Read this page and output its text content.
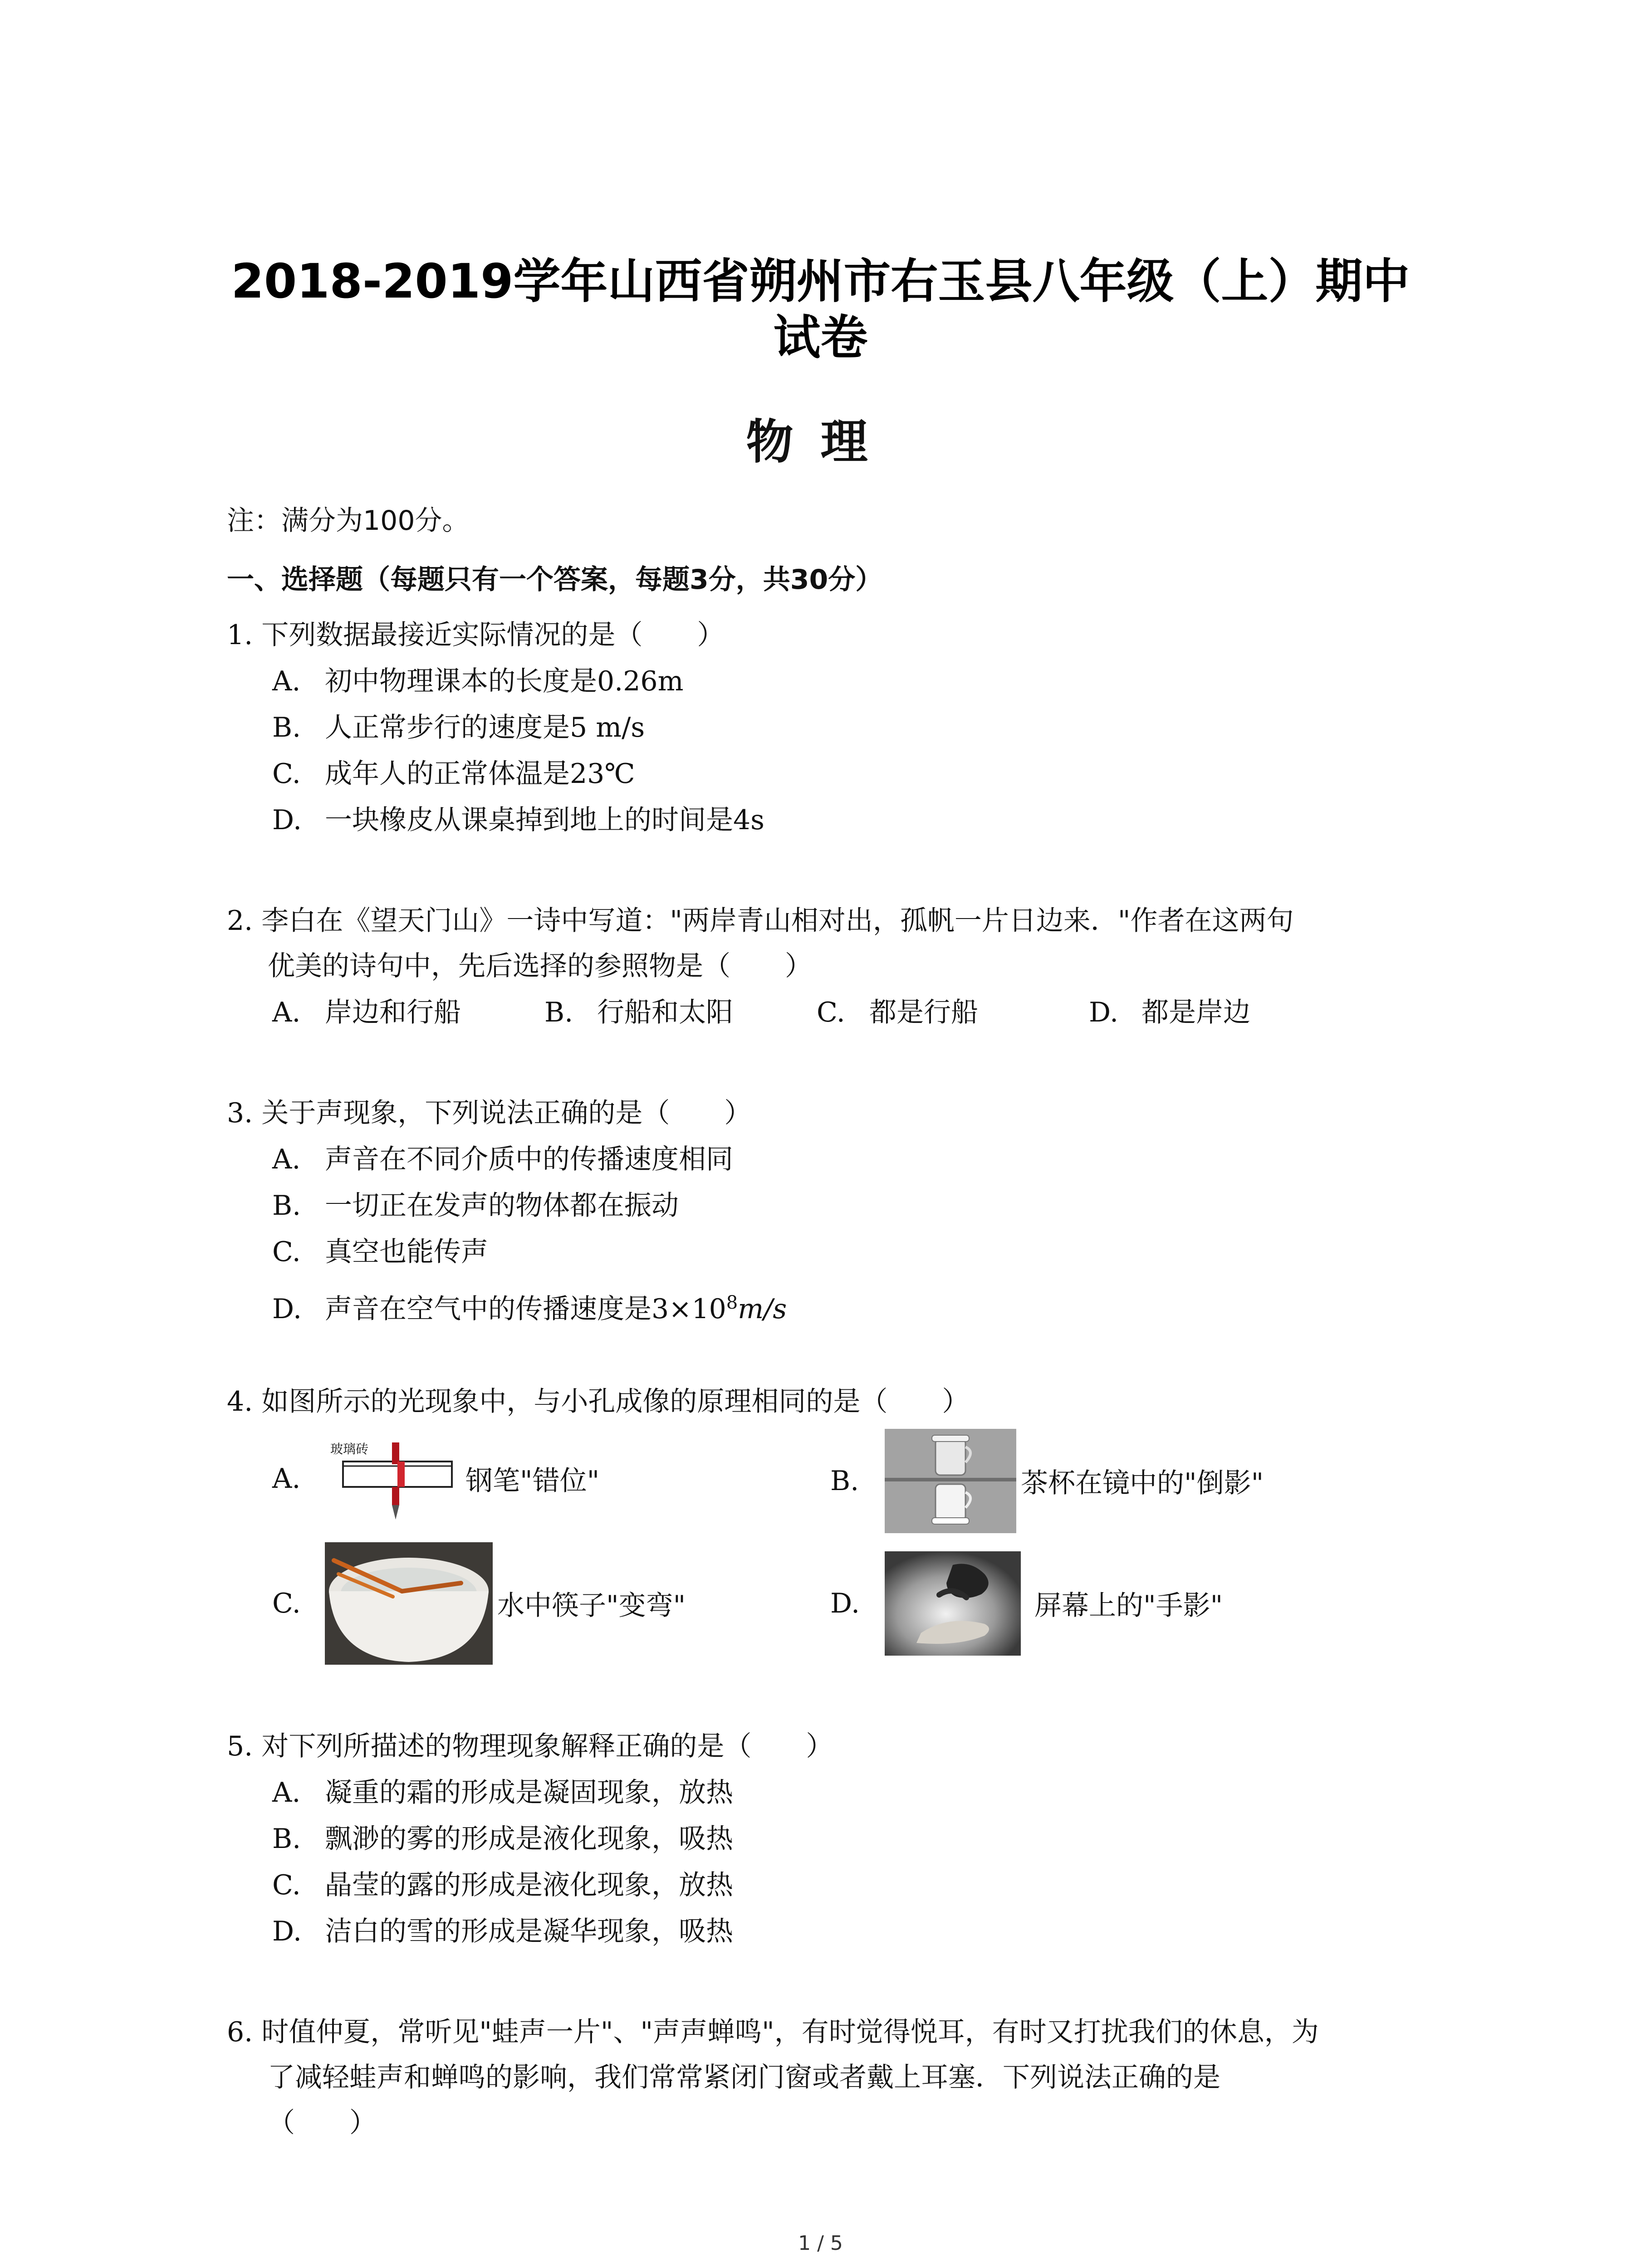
2018-2019学年山西省朔州市右玉县八年级（上）期中
试卷
物理
注：满分为100分。
一、选择题（每题只有一个答案，每题3分，共30分）
1. 下列数据最接近实际情况的是（　　）
A. 初中物理课本的长度是0.26m
B. 人正常步行的速度是5 m/s
C. 成年人的正常体温是23℃
D. 一块橡皮从课桌掉到地上的时间是4s
2. 李白在《望天门山》一诗中写道："两岸青山相对出，孤帆一片日边来．"作者在这两句
优美的诗句中，先后选择的参照物是（　　）
A. 岸边和行船	B. 行船和太阳	C. 都是行船	D. 都是岸边
3. 关于声现象，下列说法正确的是（　　）
A. 声音在不同介质中的传播速度相同
B. 一切正在发声的物体都在振动
C. 真空也能传声
D. 声音在空气中的传播速度是$3\times 10^8m/s$
4. 如图所示的光现象中，与小孔成像的原理相同的是（　　）
A.
玻璃砖
钢笔"错位"	B.	茶杯在镜中的"倒影"
C.	水中筷子"变弯"	D.	屏幕上的"手影"
5. 对下列所描述的物理现象解释正确的是（　　）
A. 凝重的霜的形成是凝固现象，放热
B. 飘渺的雾的形成是液化现象，吸热
C. 晶莹的露的形成是液化现象，放热
D. 洁白的雪的形成是凝华现象，吸热
6. 时值仲夏，常听见"蛙声一片"、"声声蝉鸣"，有时觉得悦耳，有时又打扰我们的休息，为
了减轻蛙声和蝉鸣的影响，我们常常紧闭门窗或者戴上耳塞．下列说法正确的是
（　　）
1 / 5
